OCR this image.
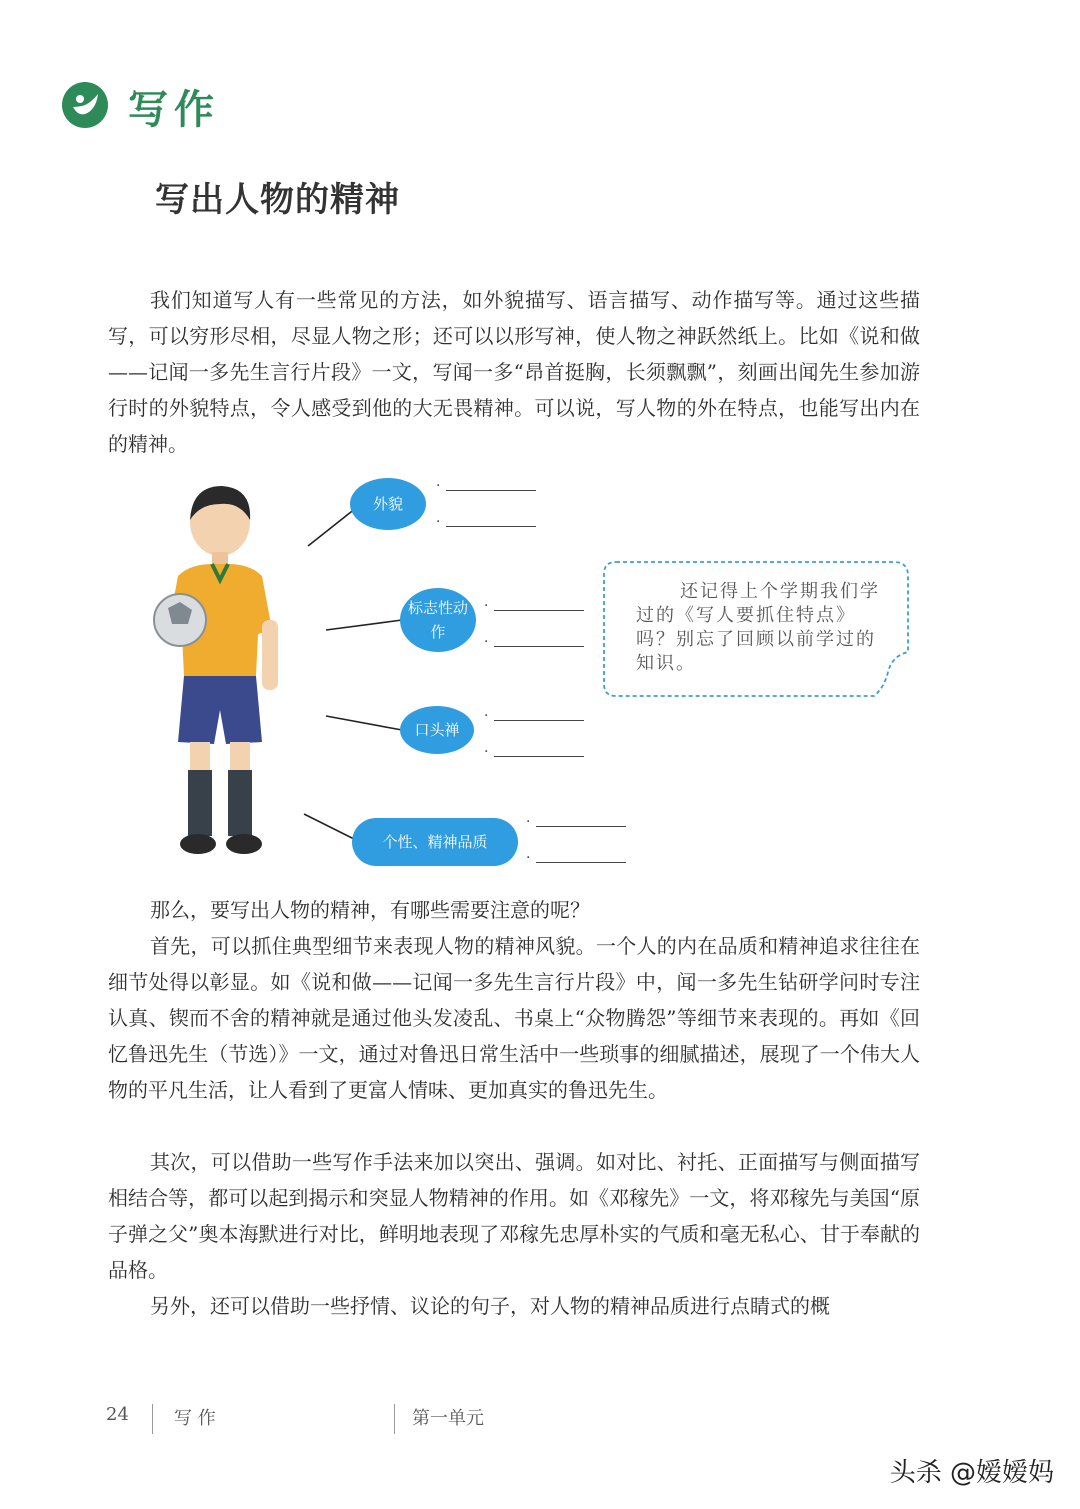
写作
写出人物的精神

我们知道写人有一些常见的方法，如外貌描写、语言描写、动作描写等。通过这些描写，可以穷形尽相，尽显人物之形；还可以以形写神，使人物之神跃然纸上。比如《说和做——记闻一多先生言行片段》一文，写闻一多“昂首挺胸，长须飘飘”，刻画出闻先生参加游行时的外貌特点，令人感受到他的大无畏精神。可以说，写人物的外在特点，也能写出内在的精神。

外貌
标志性动作
口头禅
个性、精神品质
·
·
·
·
·
·
·
·

还记得上个学期我们学过的《写人要抓住特点》吗？别忘了回顾以前学过的知识。

那么，要写出人物的精神，有哪些需要注意的呢？

首先，可以抓住典型细节来表现人物的精神风貌。一个人的内在品质和精神追求往往在细节处得以彰显。如《说和做——记闻一多先生言行片段》中，闻一多先生钻研学问时专注认真、锲而不舍的精神就是通过他头发凌乱、书桌上“众物腾怨”等细节来表现的。再如《回忆鲁迅先生（节选）》一文，通过对鲁迅日常生活中一些琐事的细腻描述，展现了一个伟大人物的平凡生活，让人看到了更富人情味、更加真实的鲁迅先生。

其次，可以借助一些写作手法来加以突出、强调。如对比、衬托、正面描写与侧面描写相结合等，都可以起到揭示和突显人物精神的作用。如《邓稼先》一文，将邓稼先与美国“原子弹之父”奥本海默进行对比，鲜明地表现了邓稼先忠厚朴实的气质和毫无私心、甘于奉献的品格。

另外，还可以借助一些抒情、议论的句子，对人物的精神品质进行点睛式的概

24	写 作	第一单元
头杀 @嫒嫒妈
